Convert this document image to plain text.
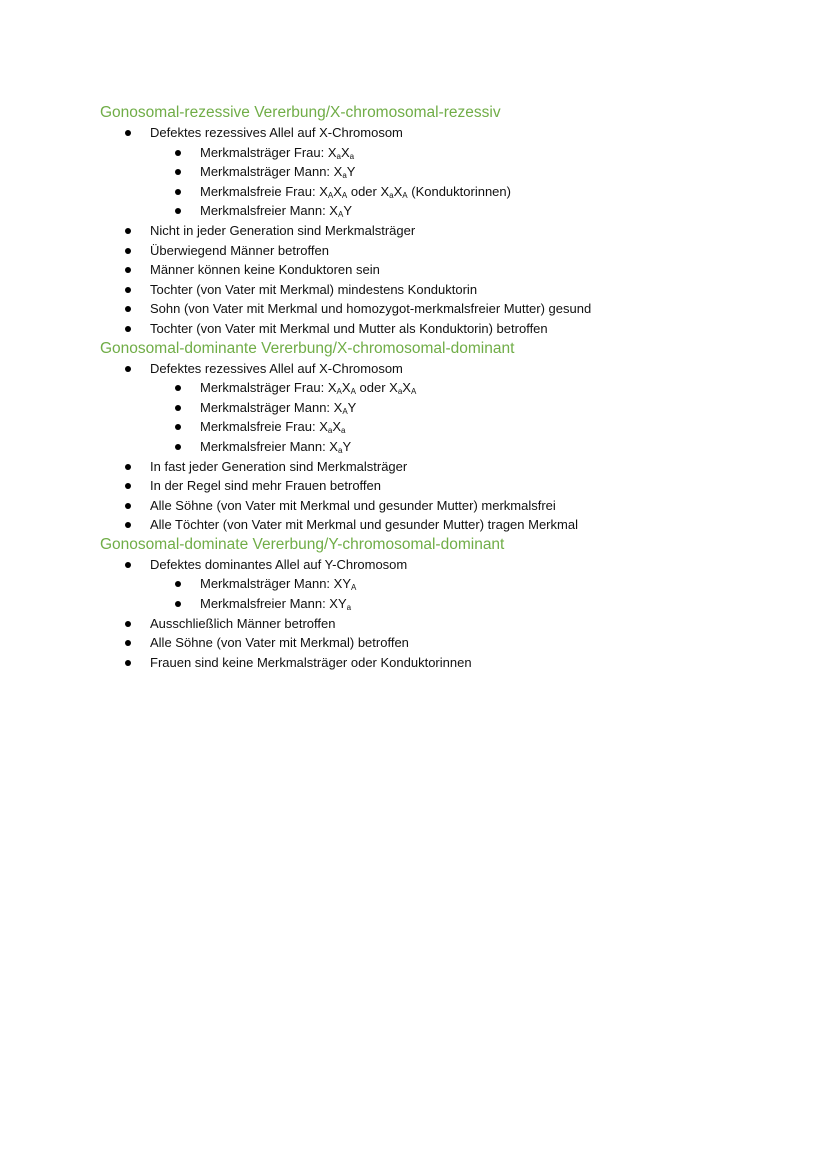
Gonosomal-rezessive Vererbung/X-chromosomal-rezessiv
Defektes rezessives Allel auf X-Chromosom
Merkmalsträger Frau: $X_aX_a$
Merkmalsträger Mann: $X_aY$
Merkmalsfreie Frau: $X_AX_A$ oder $X_aX_A$ (Konduktorinnen)
Merkmalsfreier Mann: $X_AY$
Nicht in jeder Generation sind Merkmalsträger
Überwiegend Männer betroffen
Männer können keine Konduktoren sein
Tochter (von Vater mit Merkmal) mindestens Konduktorin
Sohn (von Vater mit Merkmal und homozygot-merkmalsfreier Mutter) gesund
Tochter (von Vater mit Merkmal und Mutter als Konduktorin) betroffen
Gonosomal-dominante Vererbung/X-chromosomal-dominant
Defektes rezessives Allel auf X-Chromosom
Merkmalsträger Frau: $X_AX_A$ oder $X_aX_A$
Merkmalsträger Mann: $X_AY$
Merkmalsfreie Frau: $X_aX_a$
Merkmalsfreier Mann: $X_aY$
In fast jeder Generation sind Merkmalsträger
In der Regel sind mehr Frauen betroffen
Alle Söhne (von Vater mit Merkmal und gesunder Mutter) merkmalsfrei
Alle Töchter (von Vater mit Merkmal und gesunder Mutter) tragen Merkmal
Gonosomal-dominate Vererbung/Y-chromosomal-dominant
Defektes dominantes Allel auf Y-Chromosom
Merkmalsträger Mann: $XY_A$
Merkmalsfreier Mann: $XY_a$
Ausschließlich Männer betroffen
Alle Söhne (von Vater mit Merkmal) betroffen
Frauen sind keine Merkmalsträger oder Konduktorinnen
